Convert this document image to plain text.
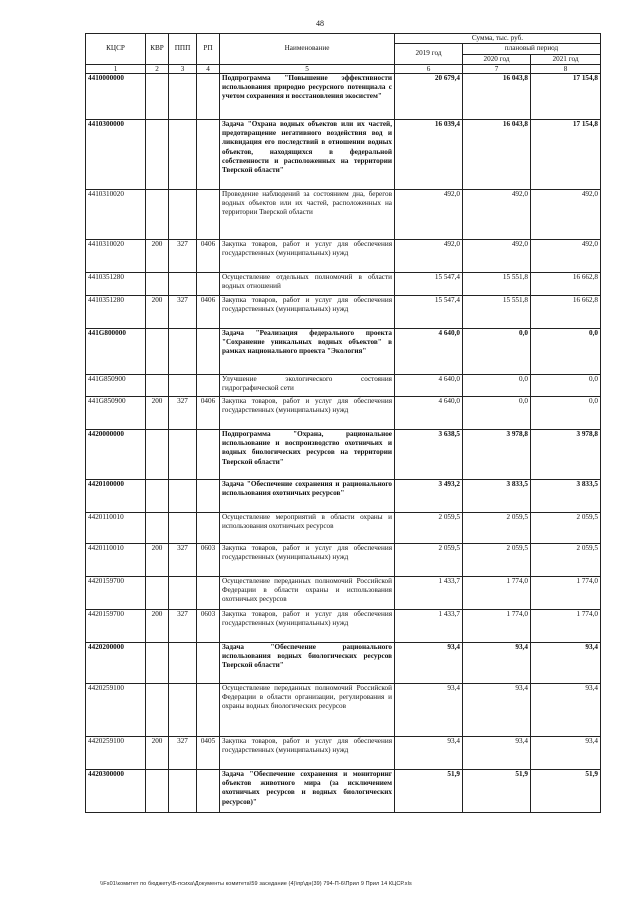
48
КЦСР	КВР	ППП	РП	Наименование	Сумма, тыс. руб.		
					2019 год	плановый период	
						2020 год	2021 год
1	2	3	4	5	6	7	8
4410000000				Подпрограмма "Повышение эффективности использования природно ресурсного потенциала с учетом сохранения и восстановления экосистем"	20 679,4	16 043,8	17 154,8
4410300000				Задача "Охрана водных объектов или их частей, предотвращение негативного воздействия вод и ликвидация его последствий в отношении водных объектов, находящихся в федеральной собственности и расположенных на территории Тверской области"	16 039,4	16 043,8	17 154,8
4410310020				Проведение наблюдений за состоянием дна, берегов водных объектов или их частей, расположенных на территории Тверской области	492,0	492,0	492,0
4410310020	200	327	0406	Закупка товаров, работ и услуг для обеспечения государственных (муниципальных) нужд	492,0	492,0	492,0
4410351280				Осуществление отдельных полномочий в области водных отношений	15 547,4	15 551,8	16 662,8
4410351280	200	327	0406	Закупка товаров, работ и услуг для обеспечения государственных (муниципальных) нужд	15 547,4	15 551,8	16 662,8
441G800000				Задача "Реализация федерального проекта "Сохранение уникальных водных объектов" в рамках национального проекта "Экология"	4 640,0	0,0	0,0
441G850900				Улучшение экологического состояния гидрографической сети	4 640,0	0,0	0,0
441G850900	200	327	0406	Закупка товаров, работ и услуг для обеспечения государственных (муниципальных) нужд	4 640,0	0,0	0,0
4420000000				Подпрограмма "Охрана, рациональное использование и воспроизводство охотничьих и водных биологических ресурсов на территории Тверской области"	3 638,5	3 978,8	3 978,8
4420100000				Задача "Обеспечение сохранения и рационального использования охотничьих ресурсов"	3 493,2	3 833,5	3 833,5
4420110010				Осуществление мероприятий в области охраны и использования охотничьих ресурсов	2 059,5	2 059,5	2 059,5
4420110010	200	327	0603	Закупка товаров, работ и услуг для обеспечения государственных (муниципальных) нужд	2 059,5	2 059,5	2 059,5
4420159700				Осуществление переданных полномочий Российской Федерации в области охраны и использования охотничьих ресурсов	1 433,7	1 774,0	1 774,0
4420159700	200	327	0603	Закупка товаров, работ и услуг для обеспечения государственных (муниципальных) нужд	1 433,7	1 774,0	1 774,0
4420200000				Задача "Обеспечение рационального использования водных биологических ресурсов Тверской области"	93,4	93,4	93,4
4420259100				Осуществление переданных полномочий Российской Федерации в области организации, регулирования и охраны водных биологических ресурсов	93,4	93,4	93,4
4420259100	200	327	0405	Закупка товаров, работ и услуг для обеспечения государственных (муниципальных) нужд	93,4	93,4	93,4
4420300000				Задача "Обеспечение сохранения и мониторинг объектов животного мира (за исключением охотничьих ресурсов и водных биологических ресурсов)"	51,9	51,9	51,9
\\Fs01\комитет по бюджету\Б-психа\Документы комитета\59 заседание (4)\пр\дн(39) 794-П-6\Прил 9 Прил 14 КЦСР.xls
